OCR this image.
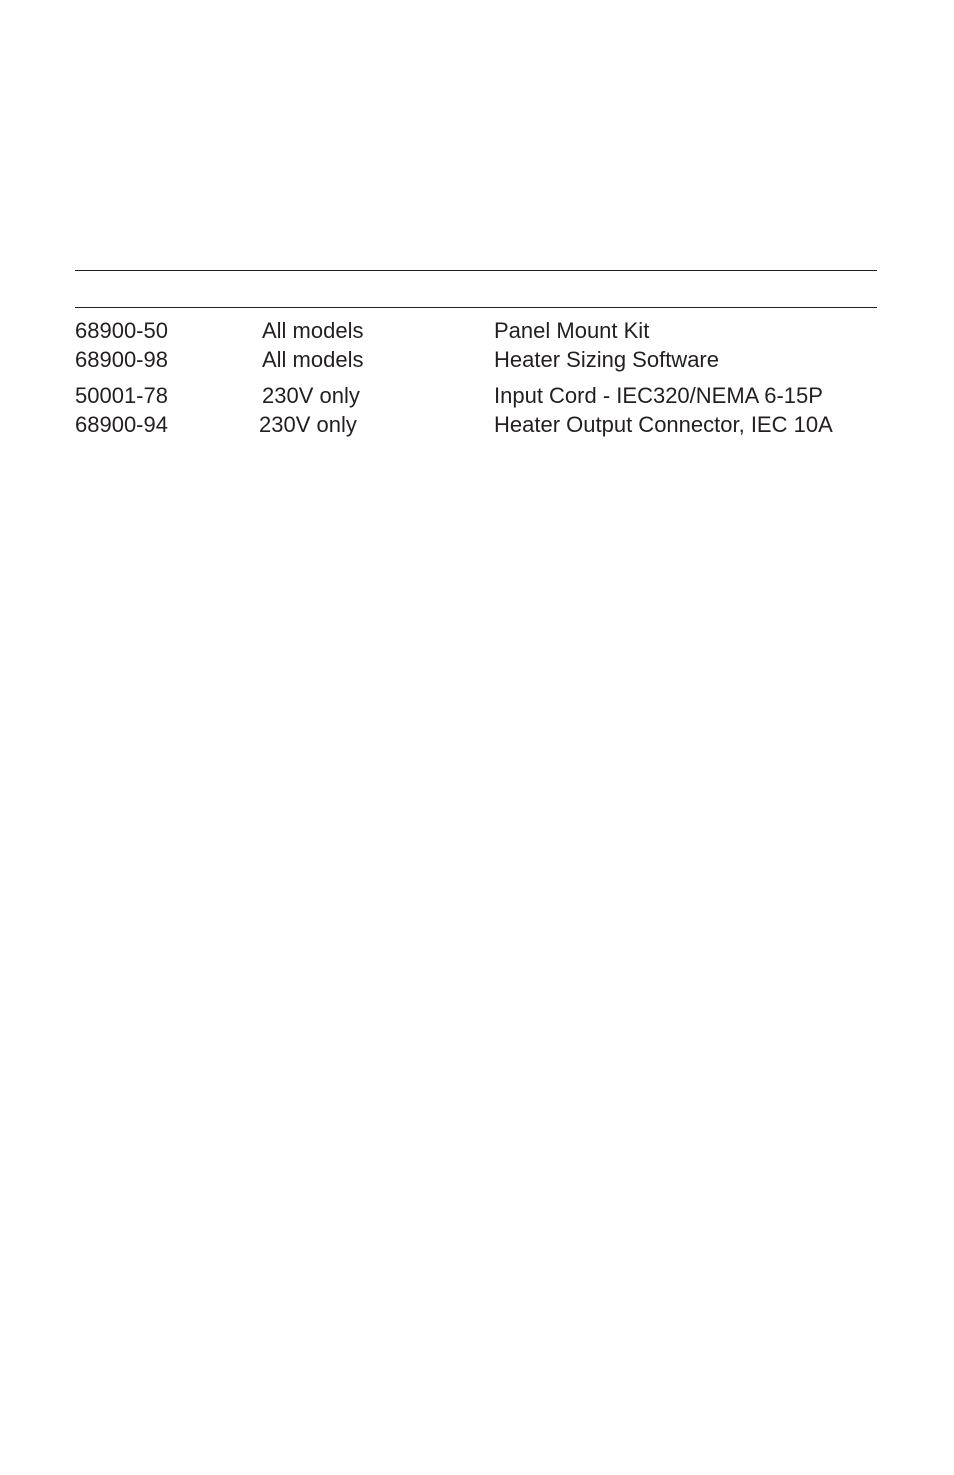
68900-50	All models	Panel Mount Kit
68900-98	All models	Heater Sizing Software
50001-78	230V only	Input Cord - IEC320/NEMA 6-15P
68900-94	230V only	Heater Output Connector, IEC 10A
